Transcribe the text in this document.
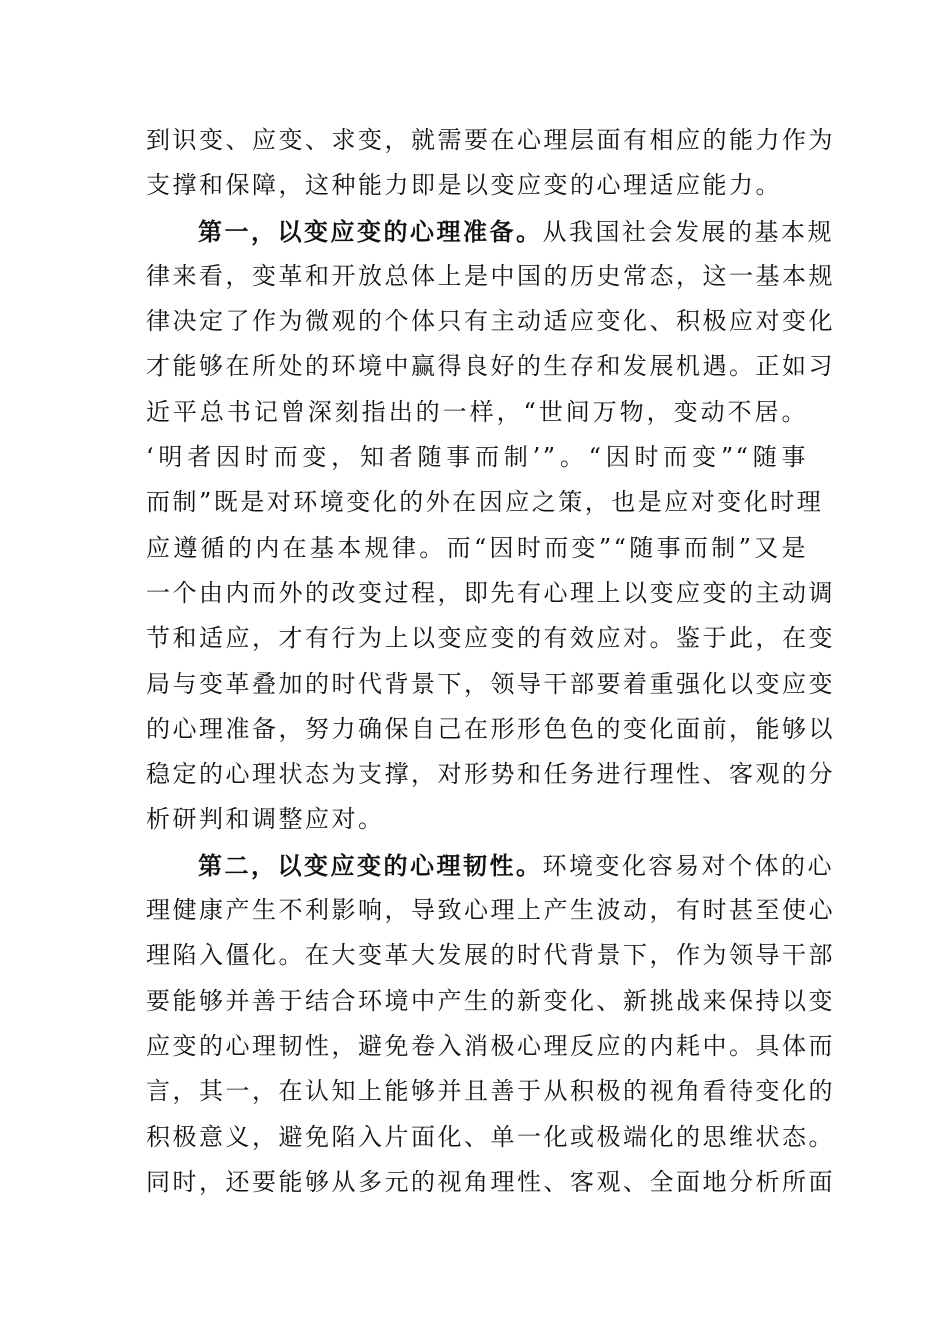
到识变、应变、求变，就需要在心理层面有相应的能力作为
支撑和保障，这种能力即是以变应变的心理适应能力。
第一，以变应变的心理准备。从我国社会发展的基本规
律来看，变革和开放总体上是中国的历史常态，这一基本规
律决定了作为微观的个体只有主动适应变化、积极应对变化
才能够在所处的环境中赢得良好的生存和发展机遇。正如习
近平总书记曾深刻指出的一样，“世间万物，变动不居。
‘明者因时而变，知者随事而制’”。“因时而变”“随事
而制”既是对环境变化的外在因应之策，也是应对变化时理
应遵循的内在基本规律。而“因时而变”“随事而制”又是
一个由内而外的改变过程，即先有心理上以变应变的主动调
节和适应，才有行为上以变应变的有效应对。鉴于此，在变
局与变革叠加的时代背景下，领导干部要着重强化以变应变
的心理准备，努力确保自己在形形色色的变化面前，能够以
稳定的心理状态为支撑，对形势和任务进行理性、客观的分
析研判和调整应对。
第二，以变应变的心理韧性。环境变化容易对个体的心
理健康产生不利影响，导致心理上产生波动，有时甚至使心
理陷入僵化。在大变革大发展的时代背景下，作为领导干部
要能够并善于结合环境中产生的新变化、新挑战来保持以变
应变的心理韧性，避免卷入消极心理反应的内耗中。具体而
言，其一，在认知上能够并且善于从积极的视角看待变化的
积极意义，避免陷入片面化、单一化或极端化的思维状态。
同时，还要能够从多元的视角理性、客观、全面地分析所面
